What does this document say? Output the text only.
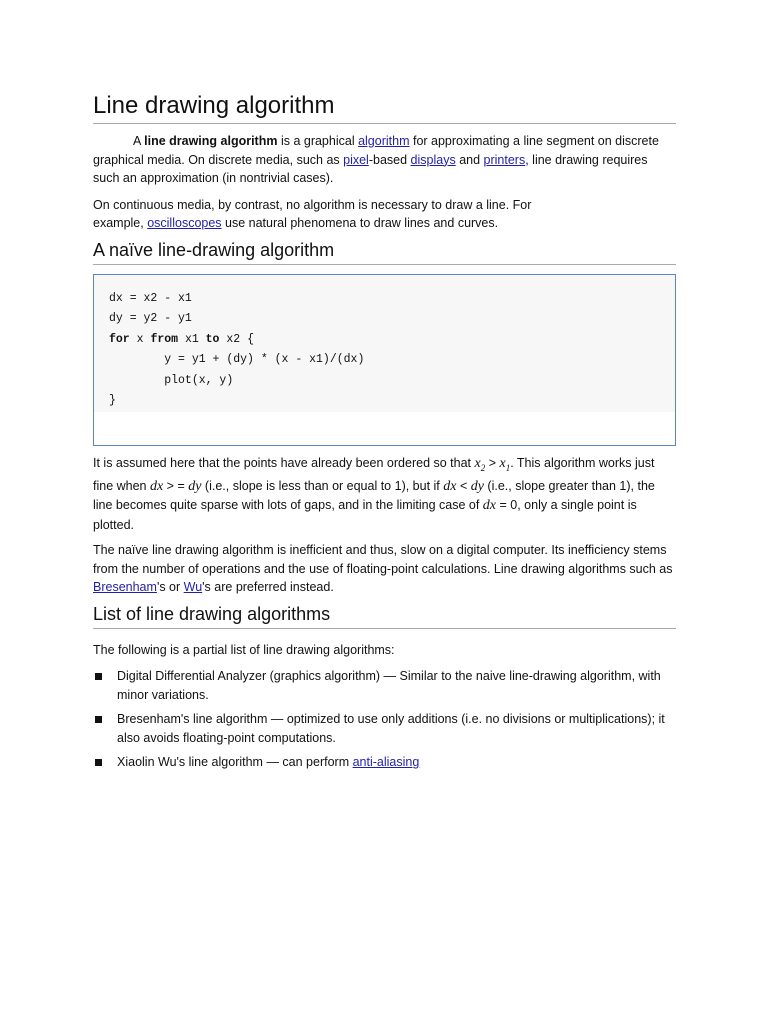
Line drawing algorithm

A line drawing algorithm is a graphical algorithm for approximating a line segment on discrete graphical media. On discrete media, such as pixel-based displays and printers, line drawing requires such an approximation (in nontrivial cases).

On continuous media, by contrast, no algorithm is necessary to draw a line. For example, oscilloscopes use natural phenomena to draw lines and curves.

A naïve line-drawing algorithm
dx = x2 - x1
dy = y2 - y1
for x from x1 to x2 {
y = y1 + (dy) * (x - x1)/(dx)
plot(x, y)
}

It is assumed here that the points have already been ordered so that $x_2 > x_1$. This algorithm works just fine when dx > = dy (i.e., slope is less than or equal to 1), but if dx < dy (i.e., slope greater than 1), the line becomes quite sparse with lots of gaps, and in the limiting case of dx = 0, only a single point is plotted.

The naïve line drawing algorithm is inefficient and thus, slow on a digital computer. Its inefficiency stems from the number of operations and the use of floating-point calculations. Line drawing algorithms such as Bresenham's or Wu's are preferred instead.

List of line drawing algorithms

The following is a partial list of line drawing algorithms:

Digital Differential Analyzer (graphics algorithm) — Similar to the naive line-drawing algorithm, with minor variations.
Bresenham's line algorithm — optimized to use only additions (i.e. no divisions or multiplications); it also avoids floating-point computations.
Xiaolin Wu's line algorithm — can perform anti-aliasing
